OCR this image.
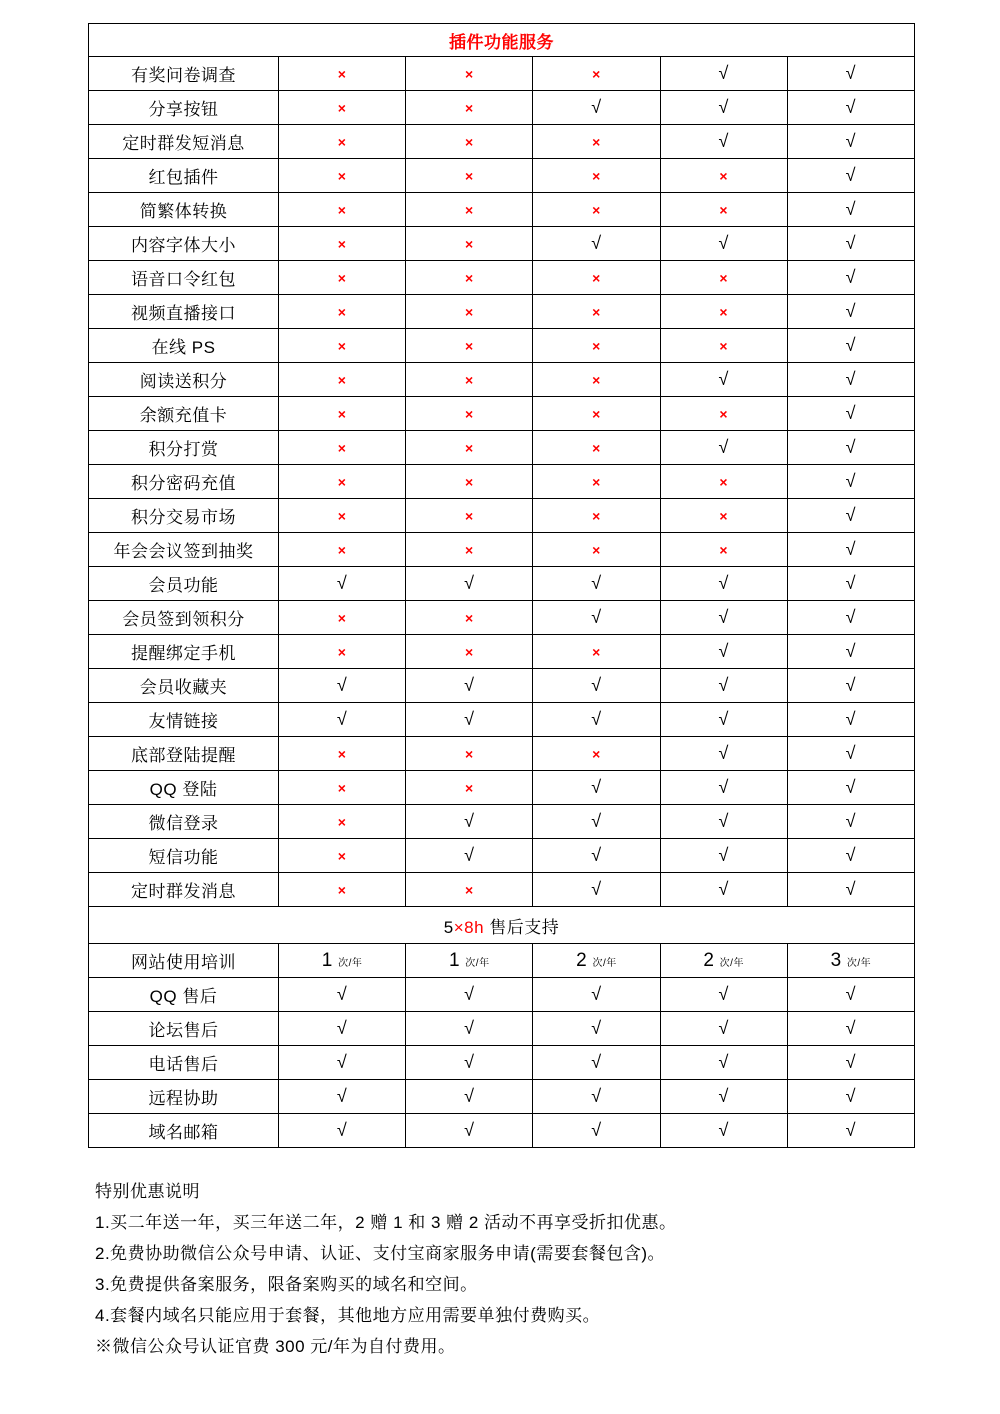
插件功能服务					
有奖问卷调查	×	×	×	√	√
分享按钮	×	×	√	√	√
定时群发短消息	×	×	×	√	√
红包插件	×	×	×	×	√
简繁体转换	×	×	×	×	√
内容字体大小	×	×	√	√	√
语音口令红包	×	×	×	×	√
视频直播接口	×	×	×	×	√
在线 PS	×	×	×	×	√
阅读送积分	×	×	×	√	√
余额充值卡	×	×	×	×	√
积分打赏	×	×	×	√	√
积分密码充值	×	×	×	×	√
积分交易市场	×	×	×	×	√
年会会议签到抽奖	×	×	×	×	√
会员功能	√	√	√	√	√
会员签到领积分	×	×	√	√	√
提醒绑定手机	×	×	×	√	√
会员收藏夹	√	√	√	√	√
友情链接	√	√	√	√	√
底部登陆提醒	×	×	×	√	√
QQ 登陆	×	×	√	√	√
微信登录	×	√	√	√	√
短信功能	×	√	√	√	√
定时群发消息	×	×	√	√	√
5×8h 售后支持					
网站使用培训	1 次/年	1 次/年	2 次/年	2 次/年	3 次/年
QQ 售后	√	√	√	√	√
论坛售后	√	√	√	√	√
电话售后	√	√	√	√	√
远程协助	√	√	√	√	√
域名邮箱	√	√	√	√	√
特别优惠说明
1.买二年送一年，买三年送二年，2 赠 1 和 3 赠 2 活动不再享受折扣优惠。
2.免费协助微信公众号申请、认证、支付宝商家服务申请(需要套餐包含)。
3.免费提供备案服务，限备案购买的域名和空间。
4.套餐内域名只能应用于套餐，其他地方应用需要单独付费购买。
※微信公众号认证官费 300 元/年为自付费用。
